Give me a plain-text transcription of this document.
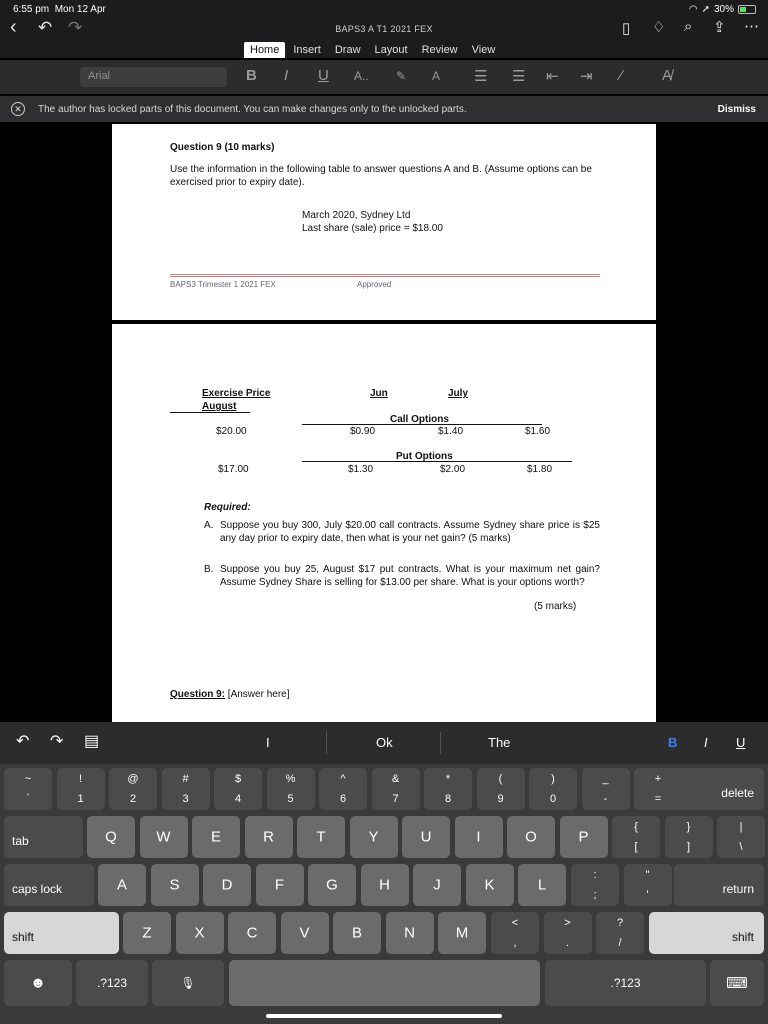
6:55 pm Mon 12 Apr	◠ ➚ 30%
‹ ↶ ↷	BAPS3 A T1 2021 FEX	▯ ♢ ⌕ ⇪ ⋯
Home	Insert	Draw	Layout	Review	View
Arial	B I U A.. ✎ A ☰ ☰ ⇤ ⇥ ⁄	A̸
✕	The author has locked parts of this document. You can make changes only to the unlocked parts.	Dismiss
Question 9 (10 marks)
Use the information in the following table to answer questions A and B. (Assume options can be exercised prior to expiry date).
March 2020, Sydney Ltd
Last share (sale) price = $18.00
BAPS3 Trimester 1 2021 FEX	Approved
Exercise Price	Jun	July
August
Call Options
$20.00	$0.90	$1.40	$1.60
Put Options
$17.00	$1.30	$2.00	$1.80
Required:
A. Suppose you buy 300, July $20.00 call contracts. Assume Sydney share price is $25 any day prior to expiry date, then what is your net gain? (5 marks)
B. Suppose you buy 25, August $17 put contracts. What is your maximum net gain? Assume Sydney Share is selling for $13.00 per share. What is your options worth?
(5 marks)
Question 9: [Answer here]
↶ ↷ ▤	I	Ok	The	B I U
delete
tab
caps lock	return
shift	shift
☻	.?123	🎙	.?123	⌨
~
`
!
1
@
2
#
3
$
4
%
5
^
6
&
7
*
8
(
9
)
0
_
-
+
=
Q	W	E	R	T	Y	U	I	O	P
{
[
}
]
|
\
A	S	D	F	G	H	J	K	L
:
;
"
'
Z	X	C	V	B	N	M
<
,
>
.
?
/
